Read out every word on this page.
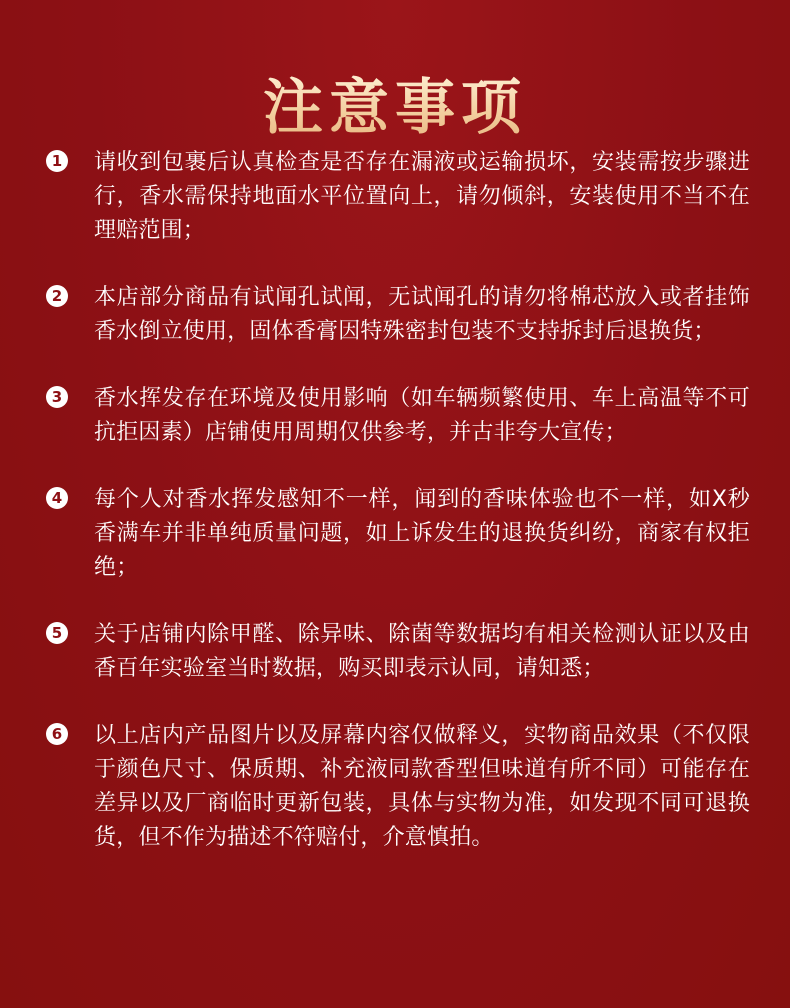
注意事项
1 请收到包裹后认真检查是否存在漏液或运输损坏，安装需按步骤进行，香水需保持地面水平位置向上，请勿倾斜，安装使用不当不在理赔范围；

2 本店部分商品有试闻孔试闻，无试闻孔的请勿将棉芯放入或者挂饰香水倒立使用，固体香膏因特殊密封包装不支持拆封后退换货；

3 香水挥发存在环境及使用影响（如车辆频繁使用、车上高温等不可抗拒因素）店铺使用周期仅供参考，并古非夸大宣传；

4 每个人对香水挥发感知不一样，闻到的香味体验也不一样，如X秒香满车并非单纯质量问题，如上诉发生的退换货纠纷，商家有权拒绝；

5 关于店铺内除甲醛、除异味、除菌等数据均有相关检测认证以及由香百年实验室当时数据，购买即表示认同，请知悉；

6 以上店内产品图片以及屏幕内容仅做释义，实物商品效果（不仅限于颜色尺寸、保质期、补充液同款香型但味道有所不同）可能存在差异以及厂商临时更新包装，具体与实物为准，如发现不同可退换货，但不作为描述不符赔付，介意慎拍。
